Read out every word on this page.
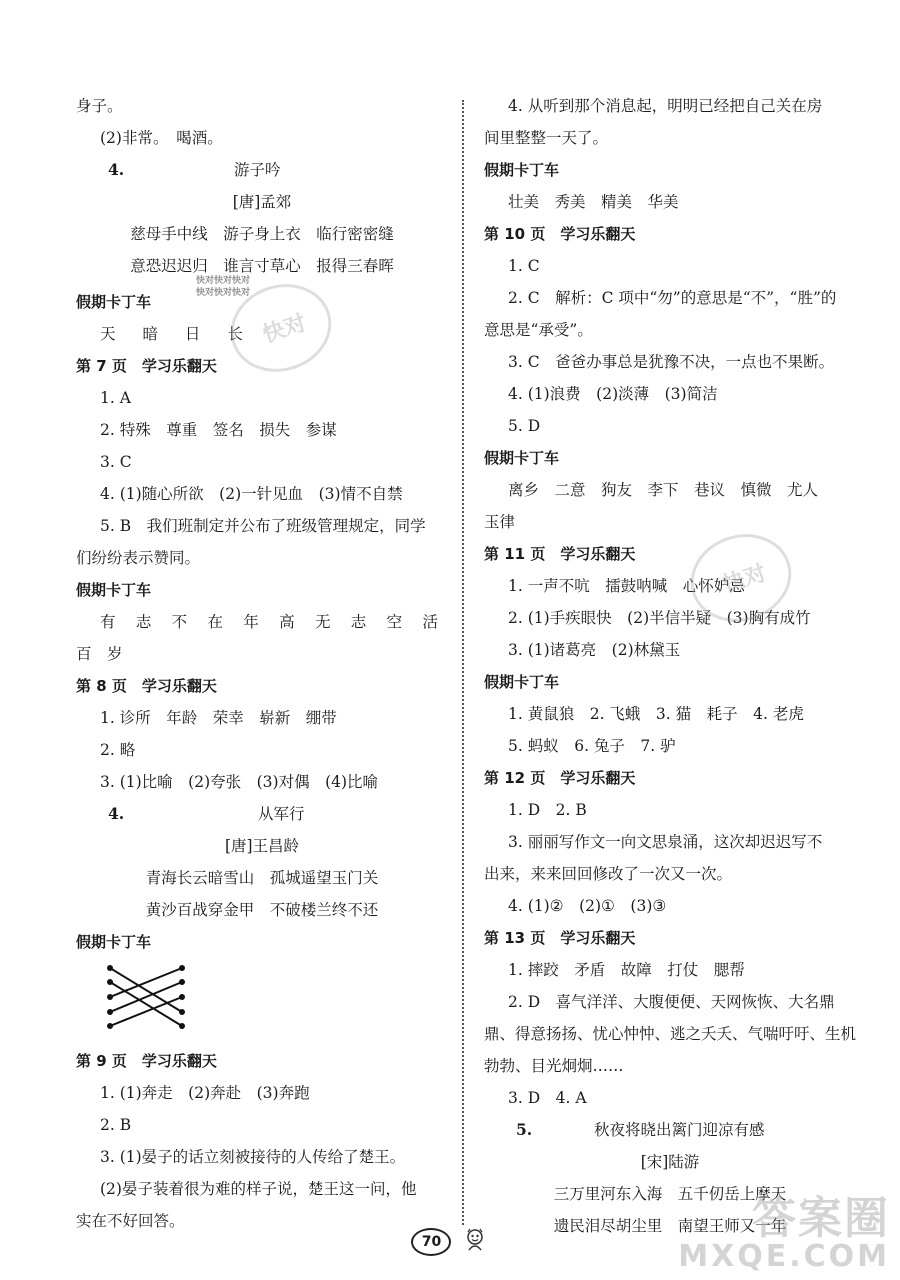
身子。
(2)非常。　喝酒。
4.	游子吟
[唐]孟郊
慈母手中线　游子身上衣　临行密密缝
意恐迟迟归　谁言寸草心　报得三春晖
假期卡丁车
天 暗 日 长
第 7 页　学习乐翻天
1. A
2. 特殊　尊重　签名　损失　参谋
3. C
4. (1)随心所欲　(2)一针见血　(3)情不自禁
5. B　我们班制定并公布了班级管理规定，同学
们纷纷表示赞同。
假期卡丁车
有 志 不 在 年 高 无 志 空 活
百　岁
第 8 页　学习乐翻天
1. 诊所　年龄　荣幸　崭新　绷带
2. 略
3. (1)比喻　(2)夸张　(3)对偶　(4)比喻
4.	从军行
[唐]王昌龄
青海长云暗雪山　孤城遥望玉门关
黄沙百战穿金甲　不破楼兰终不还
假期卡丁车
第 9 页　学习乐翻天
1. (1)奔走　(2)奔赴　(3)奔跑
2. B
3. (1)晏子的话立刻被接待的人传给了楚王。
(2)晏子装着很为难的样子说，楚王这一问，他
实在不好回答。
4. 从听到那个消息起，明明已经把自己关在房
间里整整一天了。
假期卡丁车
壮美　秀美　精美　华美
第 10 页　学习乐翻天
1. C
2. C　解析：C 项中“勿”的意思是“不”，“胜”的
意思是“承受”。
3. C　爸爸办事总是犹豫不决，一点也不果断。
4. (1)浪费　(2)淡薄　(3)简洁
5. D
假期卡丁车
离乡　二意　狗友　李下　巷议　慎微　尤人
玉律
第 11 页　学习乐翻天
1. 一声不吭　擂鼓呐喊　心怀妒忌
2. (1)手疾眼快　(2)半信半疑　(3)胸有成竹
3. (1)诸葛亮　(2)林黛玉
假期卡丁车
1. 黄鼠狼　2. 飞蛾　3. 猫　耗子　4. 老虎
5. 蚂蚁　6. 兔子　7. 驴
第 12 页　学习乐翻天
1. D　2. B
3. 丽丽写作文一向文思泉涌，这次却迟迟写不
出来，来来回回修改了一次又一次。
4. (1)②　(2)①　(3)③
第 13 页　学习乐翻天
1. 摔跤　矛盾　故障　打仗　腮帮
2. D　喜气洋洋、大腹便便、天网恢恢、大名鼎
鼎、得意扬扬、忧心忡忡、逃之夭夭、气喘吁吁、生机
勃勃、目光炯炯……
3. D　4. A
5.	秋夜将晓出篱门迎凉有感
[宋]陆游
三万里河东入海　五千仞岳上摩天
遗民泪尽胡尘里　南望王师又一年
快对
快对快对快对
快对快对快对
快对
答案圈
MXQE.COM
70
